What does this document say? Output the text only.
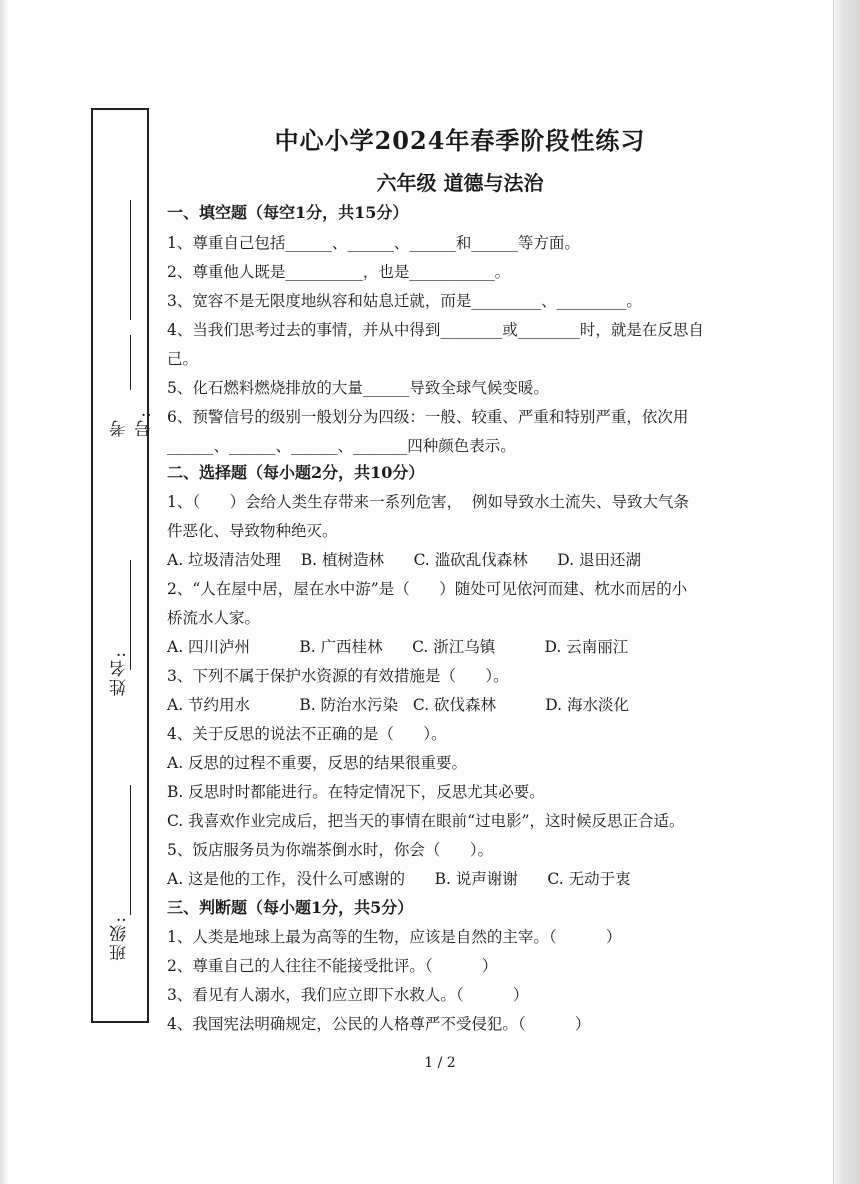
考号:
姓名:
班级:
中心小学2024年春季阶段性练习
六年级 道德与法治
一、填空题（每空1分，共15分）
1、尊重自己包括______、______、______和______等方面。
2、尊重他人既是__________，也是___________。
3、宽容不是无限度地纵容和姑息迁就，而是_________、_________。
4、当我们思考过去的事情，并从中得到________或________时，就是在反思自
己。
5、化石燃料燃烧排放的大量______导致全球气候变暖。
6、预警信号的级别一般划分为四级：一般、较重、严重和特别严重，依次用
______、______、______、_______四种颜色表示。
二、选择题（每小题2分，共10分）
1、（      ）会给人类生存带来一系列危害，  例如导致水土流失、导致大气条
件恶化、导致物种绝灭。
A. 垃圾清洁处理    B. 植树造林      C. 滥砍乱伐森林      D. 退田还湖
2、“人在屋中居，屋在水中游”是（      ）随处可见依河而建、枕水而居的小
桥流水人家。
A. 四川泸州          B. 广西桂林      C. 浙江乌镇          D. 云南丽江
3、下列不属于保护水资源的有效措施是（      ）。
A. 节约用水          B. 防治水污染   C. 砍伐森林          D. 海水淡化
4、关于反思的说法不正确的是（      ）。
A. 反思的过程不重要，反思的结果很重要。
B. 反思时时都能进行。在特定情况下，反思尤其必要。
C. 我喜欢作业完成后，把当天的事情在眼前“过电影”，这时候反思正合适。
5、饭店服务员为你端茶倒水时，你会（      ）。
A. 这是他的工作，没什么可感谢的      B. 说声谢谢      C. 无动于衷
三、判断题（每小题1分，共5分）
1、人类是地球上最为高等的生物，应该是自然的主宰。（          ）
2、尊重自己的人往往不能接受批评。（          ）
3、看见有人溺水，我们应立即下水救人。（          ）
4、我国宪法明确规定，公民的人格尊严不受侵犯。（          ）
1 / 2
